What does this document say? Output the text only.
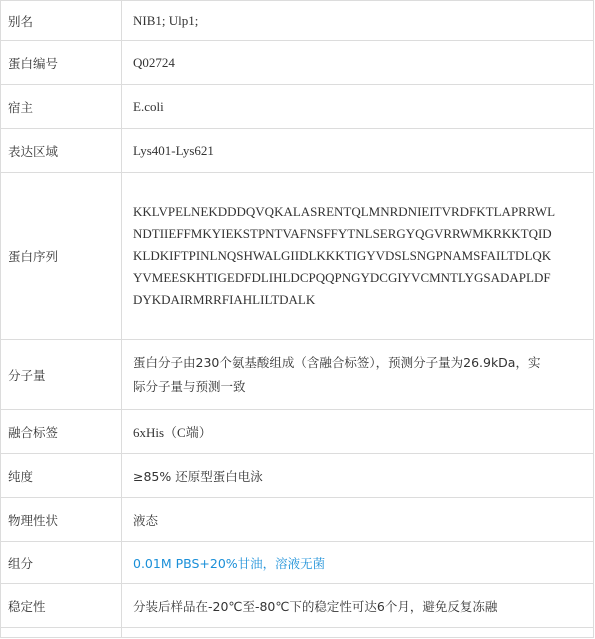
别名	NIB1; Ulp1;
蛋白编号	Q02724
宿主	E.coli
表达区域	Lys401-Lys621
蛋白序列	KKLVPELNEKDDDQVQKALASRENTQLMNRDNIEITVRDFKTLAPRRWL
NDTIIEFFMKYIEKSTPNTVAFNSFFYTNLSERGYQGVRRWMKRKKTQID
KLDKIFTPINLNQSHWALGIIDLKKKTIGYVDSLSNGPNAMSFAILTDLQK
YVMEESKHTIGEDFDLIHLDCPQQPNGYDCGIYVCMNTLYGSADAPLDF
DYKDAIRMRRFIAHLILTDALK

分子量	蛋白分子由230个氨基酸组成（含融合标签），预测分子量为26.9kDa，实
际分子量与预测一致

融合标签	6xHis（C端）
纯度	≥85% 还原型蛋白电泳
物理性状	液态
组分	0.01M PBS+20%甘油，溶液无菌
稳定性	分装后样品在-20℃至-80℃下的稳定性可达6个月，避免反复冻融
